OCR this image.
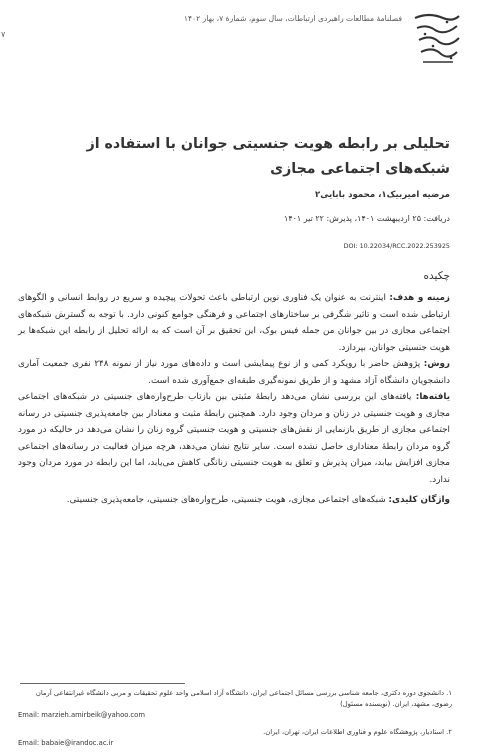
فصلنامۀ مطالعات راهبردی ارتباطات، سال سوم، شمارۀ ۷، بهار ۱۴۰۲
۷
تحلیلی بر رابطه هویت جنسیتی جوانان با استفاده از شبکه‌های اجتماعی مجازی
مرضیه امیربیک۱، محمود بابایی۲
دریافت: ۲۵ اردیبهشت ۱۴۰۱، پذیرش: ۲۲ تیر ۱۴۰۱
DOI: 10.22034/RCC.2022.253925
چکیده

زمینه و هدف: اینترنت به عنوان یک فناوری نوین ارتباطی باعث تحولات پیچیده و سریع در روابط انسانی و الگوهای ارتباطی شده است و تاثیر شگرفی بر ساختارهای اجتماعی و فرهنگی جوامع کنونی دارد. با توجه به گسترش شبکه‌های اجتماعی مجازی در بین جوانان من جمله فیس بوک، این تحقیق بر آن است که به ارائه تحلیل از رابطه این شبکه‌ها بر هویت جنسیتی جوانان، بپردازد.

روش: پژوهش حاضر با رویکرد کمی و از نوع پیمایشی است و داده‌های مورد نیاز از نمونه ۲۴۸ نفری جمعیت آماری دانشجویان دانشگاه آزاد مشهد و از طریق نمونه‌گیری طبقه‌ای جمع‌آوری شده است.

یافته‌ها: یافته‌های این بررسی نشان می‌دهد رابطۀ مثبتی بین بازتاب طرح‌واره‌های جنسیتی در شبکه‌های اجتماعی مجازی و هویت جنسیتی در زنان و مردان وجود دارد. همچنین رابطۀ مثبت و معنادار بین جامعه‌پذیری جنسیتی در رسانه اجتماعی مجازی از طریق بازنمایی از نقش‌های جنسیتی و هویت جنسیتی گروه زنان را نشان می‌دهد در حالیکه در مورد گروه مردان رابطۀ معناداری حاصل نشده است. سایر نتایج نشان می‌دهد، هرچه میزان فعالیت در رسانه‌های اجتماعی مجازی افزایش بیابد، میزان پذیرش و تعلق به هویت جنسیتی زنانگی کاهش می‌یابد، اما این رابطه در مورد مردان وجود ندارد.

واژگان کلیدی: شبکه‌های اجتماعی مجازی، هویت جنسیتی، طرح‌واره‌های جنسیتی، جامعه‌پذیری جنسیتی.

۱. دانشجوی دوره دکتری، جامعه شناسی بررسی مسائل اجتماعی ایران، دانشگاه آزاد اسلامی واحد علوم تحقیقات و مربی دانشگاه غیرانتفاعی آرمان رضوی، مشهد، ایران. (نویسنده مسئول)

Email: marzieh.amirbeik@yahoo.com

۲. استادیار، پژوهشگاه علوم و فناوری اطلاعات ایران، تهران، ایران.

Email: babaie@irandoc.ac.ir
